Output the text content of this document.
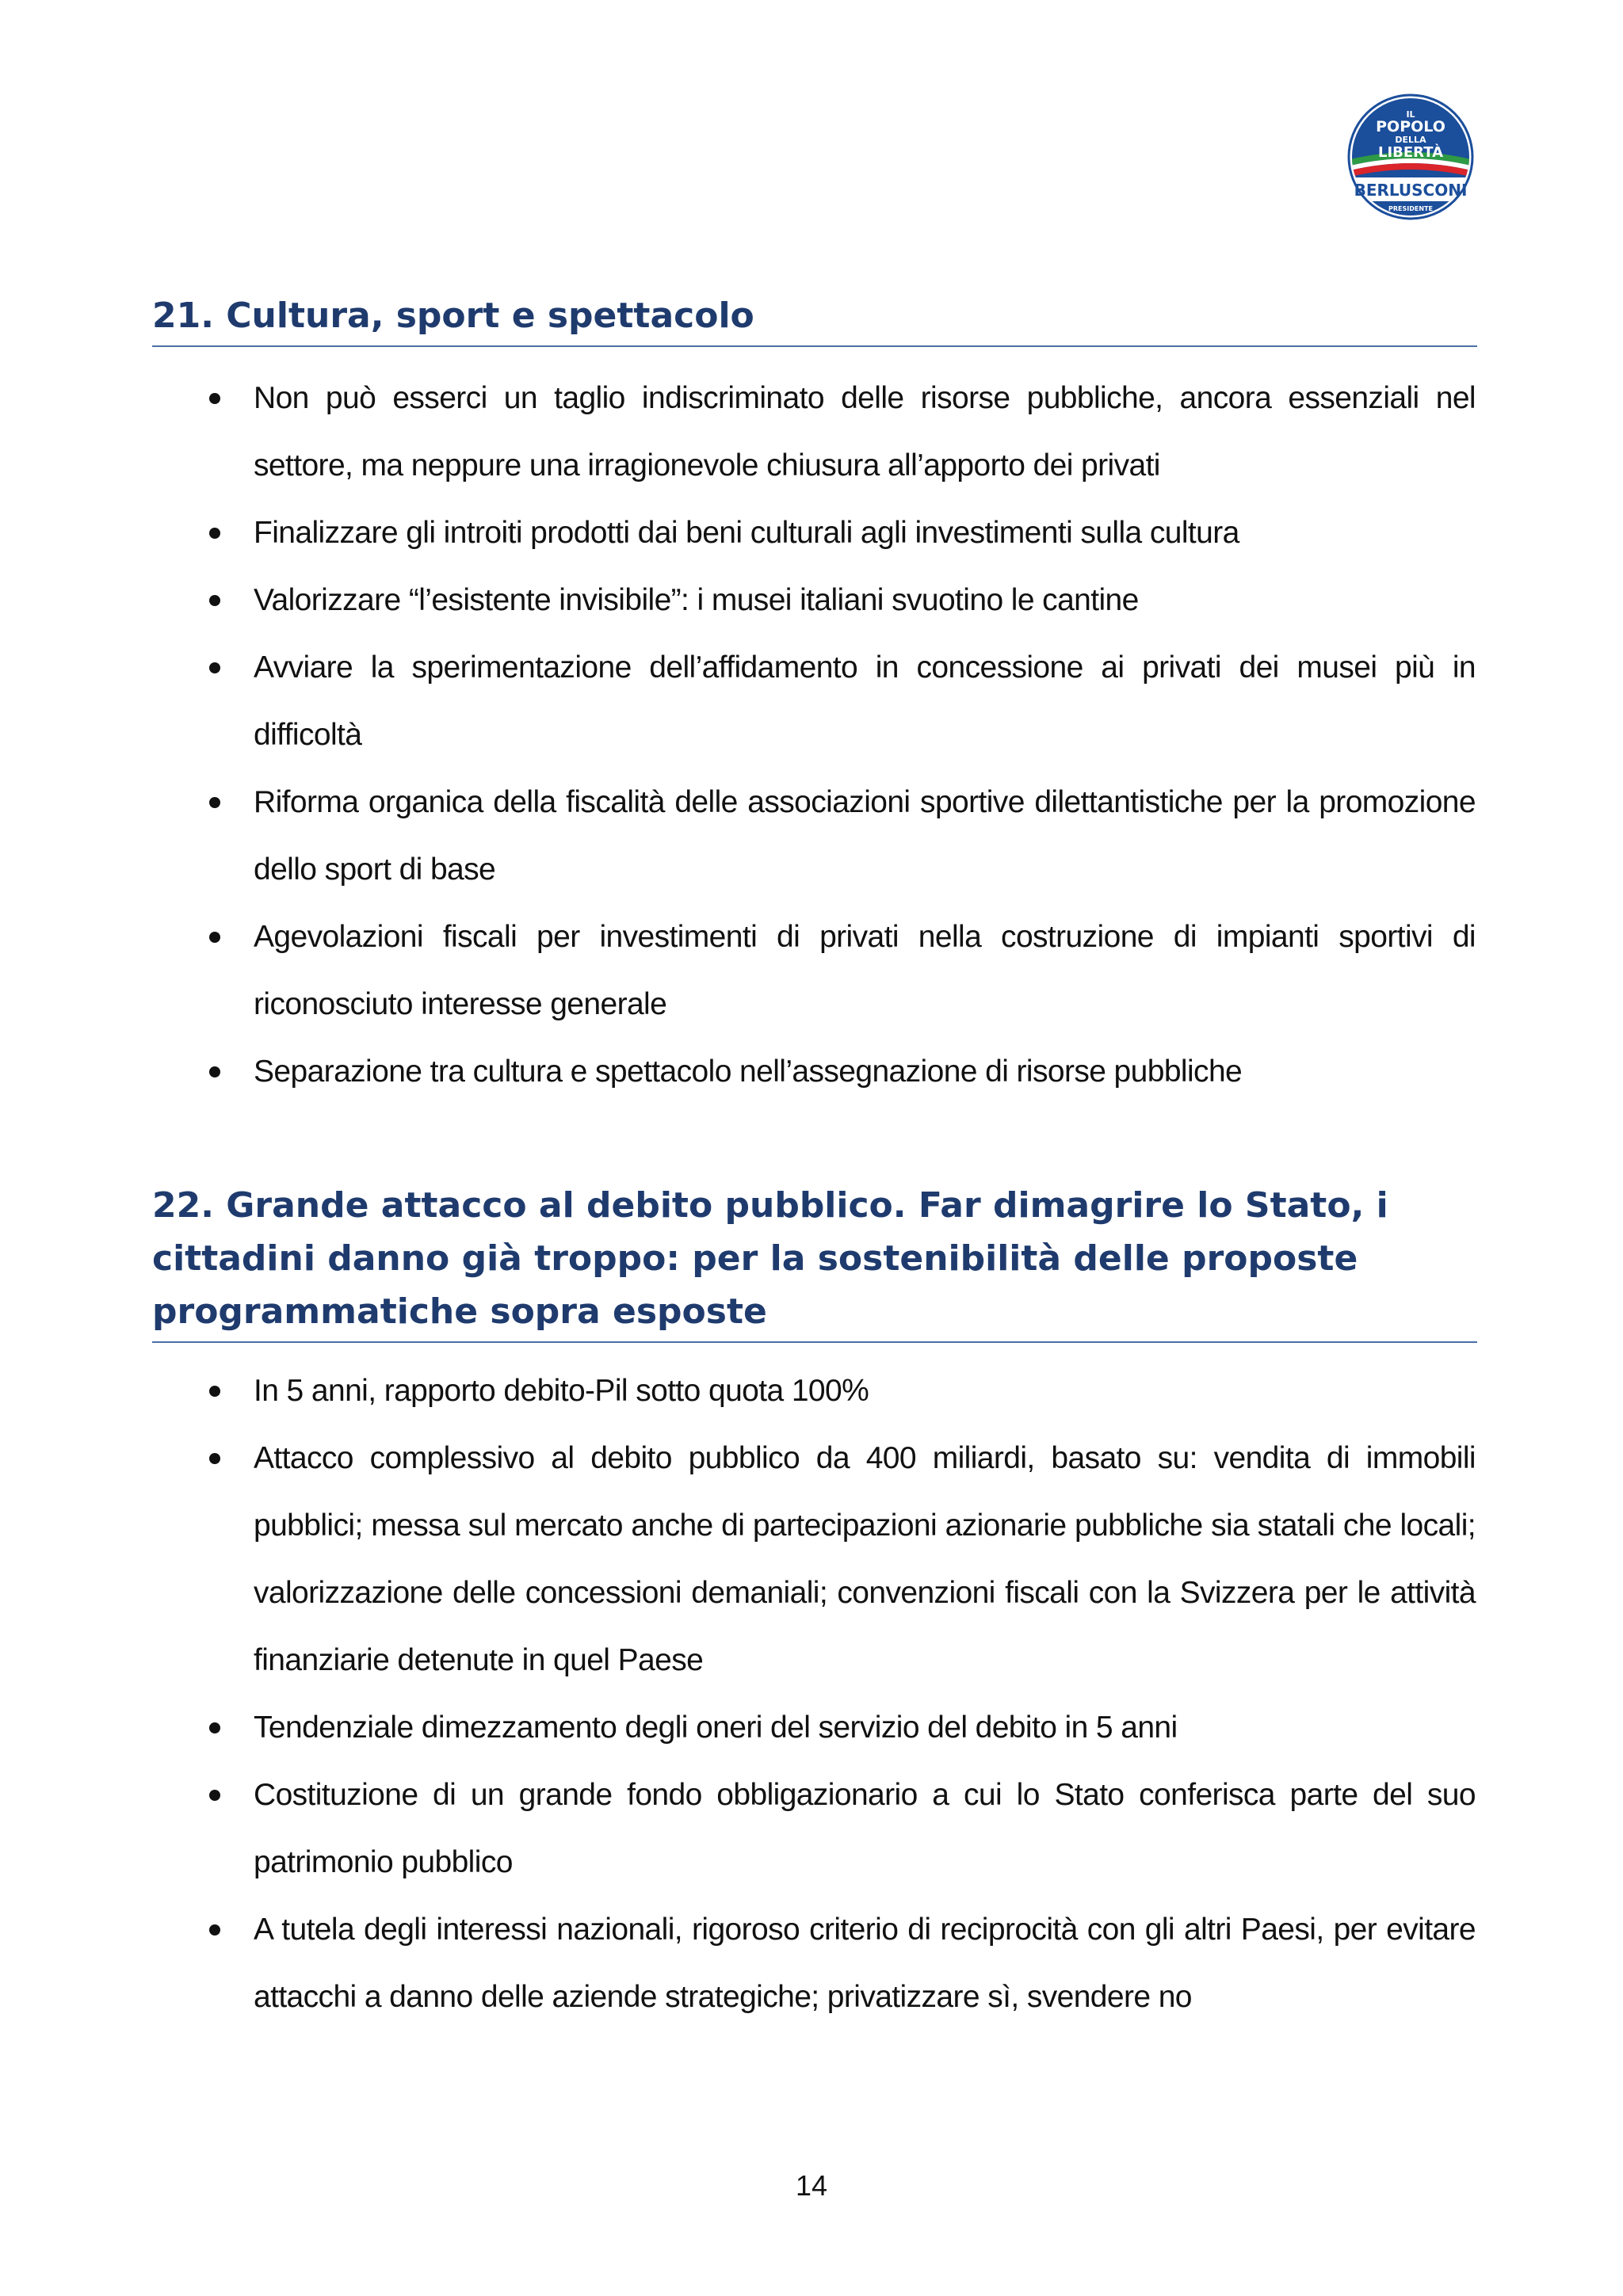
IL
POPOLO
DELLA
LIBERTÀ
BERLUSCONI
PRESIDENTE
21. Cultura, sport e spettacolo
Non può esserci un taglio indiscriminato delle risorse pubbliche, ancora essenziali nel settore, ma neppure una irragionevole chiusura all’apporto dei privati
Finalizzare gli introiti prodotti dai beni culturali agli investimenti sulla cultura
Valorizzare “l’esistente invisibile”: i musei italiani svuotino le cantine
Avviare la sperimentazione dell’affidamento in concessione ai privati dei musei più in difficoltà
Riforma organica della fiscalità delle associazioni sportive dilettantistiche per la promozione dello sport di base
Agevolazioni fiscali per investimenti di privati nella costruzione di impianti sportivi di riconosciuto interesse generale
Separazione tra cultura e spettacolo nell’assegnazione di risorse pubbliche
22. Grande attacco al debito pubblico. Far dimagrire lo Stato, i cittadini danno già troppo: per la sostenibilità delle proposte programmatiche sopra esposte
In 5 anni, rapporto debito-Pil sotto quota 100%
Attacco complessivo al debito pubblico da 400 miliardi, basato su: vendita di immobili pubblici; messa sul mercato anche di partecipazioni azionarie pubbliche sia statali che locali; valorizzazione delle concessioni demaniali; convenzioni fiscali con la Svizzera per le attività finanziarie detenute in quel Paese
Tendenziale dimezzamento degli oneri del servizio del debito in 5 anni
Costituzione di un grande fondo obbligazionario a cui lo Stato conferisca parte del suo patrimonio pubblico
A tutela degli interessi nazionali, rigoroso criterio di reciprocità con gli altri Paesi, per evitare attacchi a danno delle aziende strategiche; privatizzare sì, svendere no
14
